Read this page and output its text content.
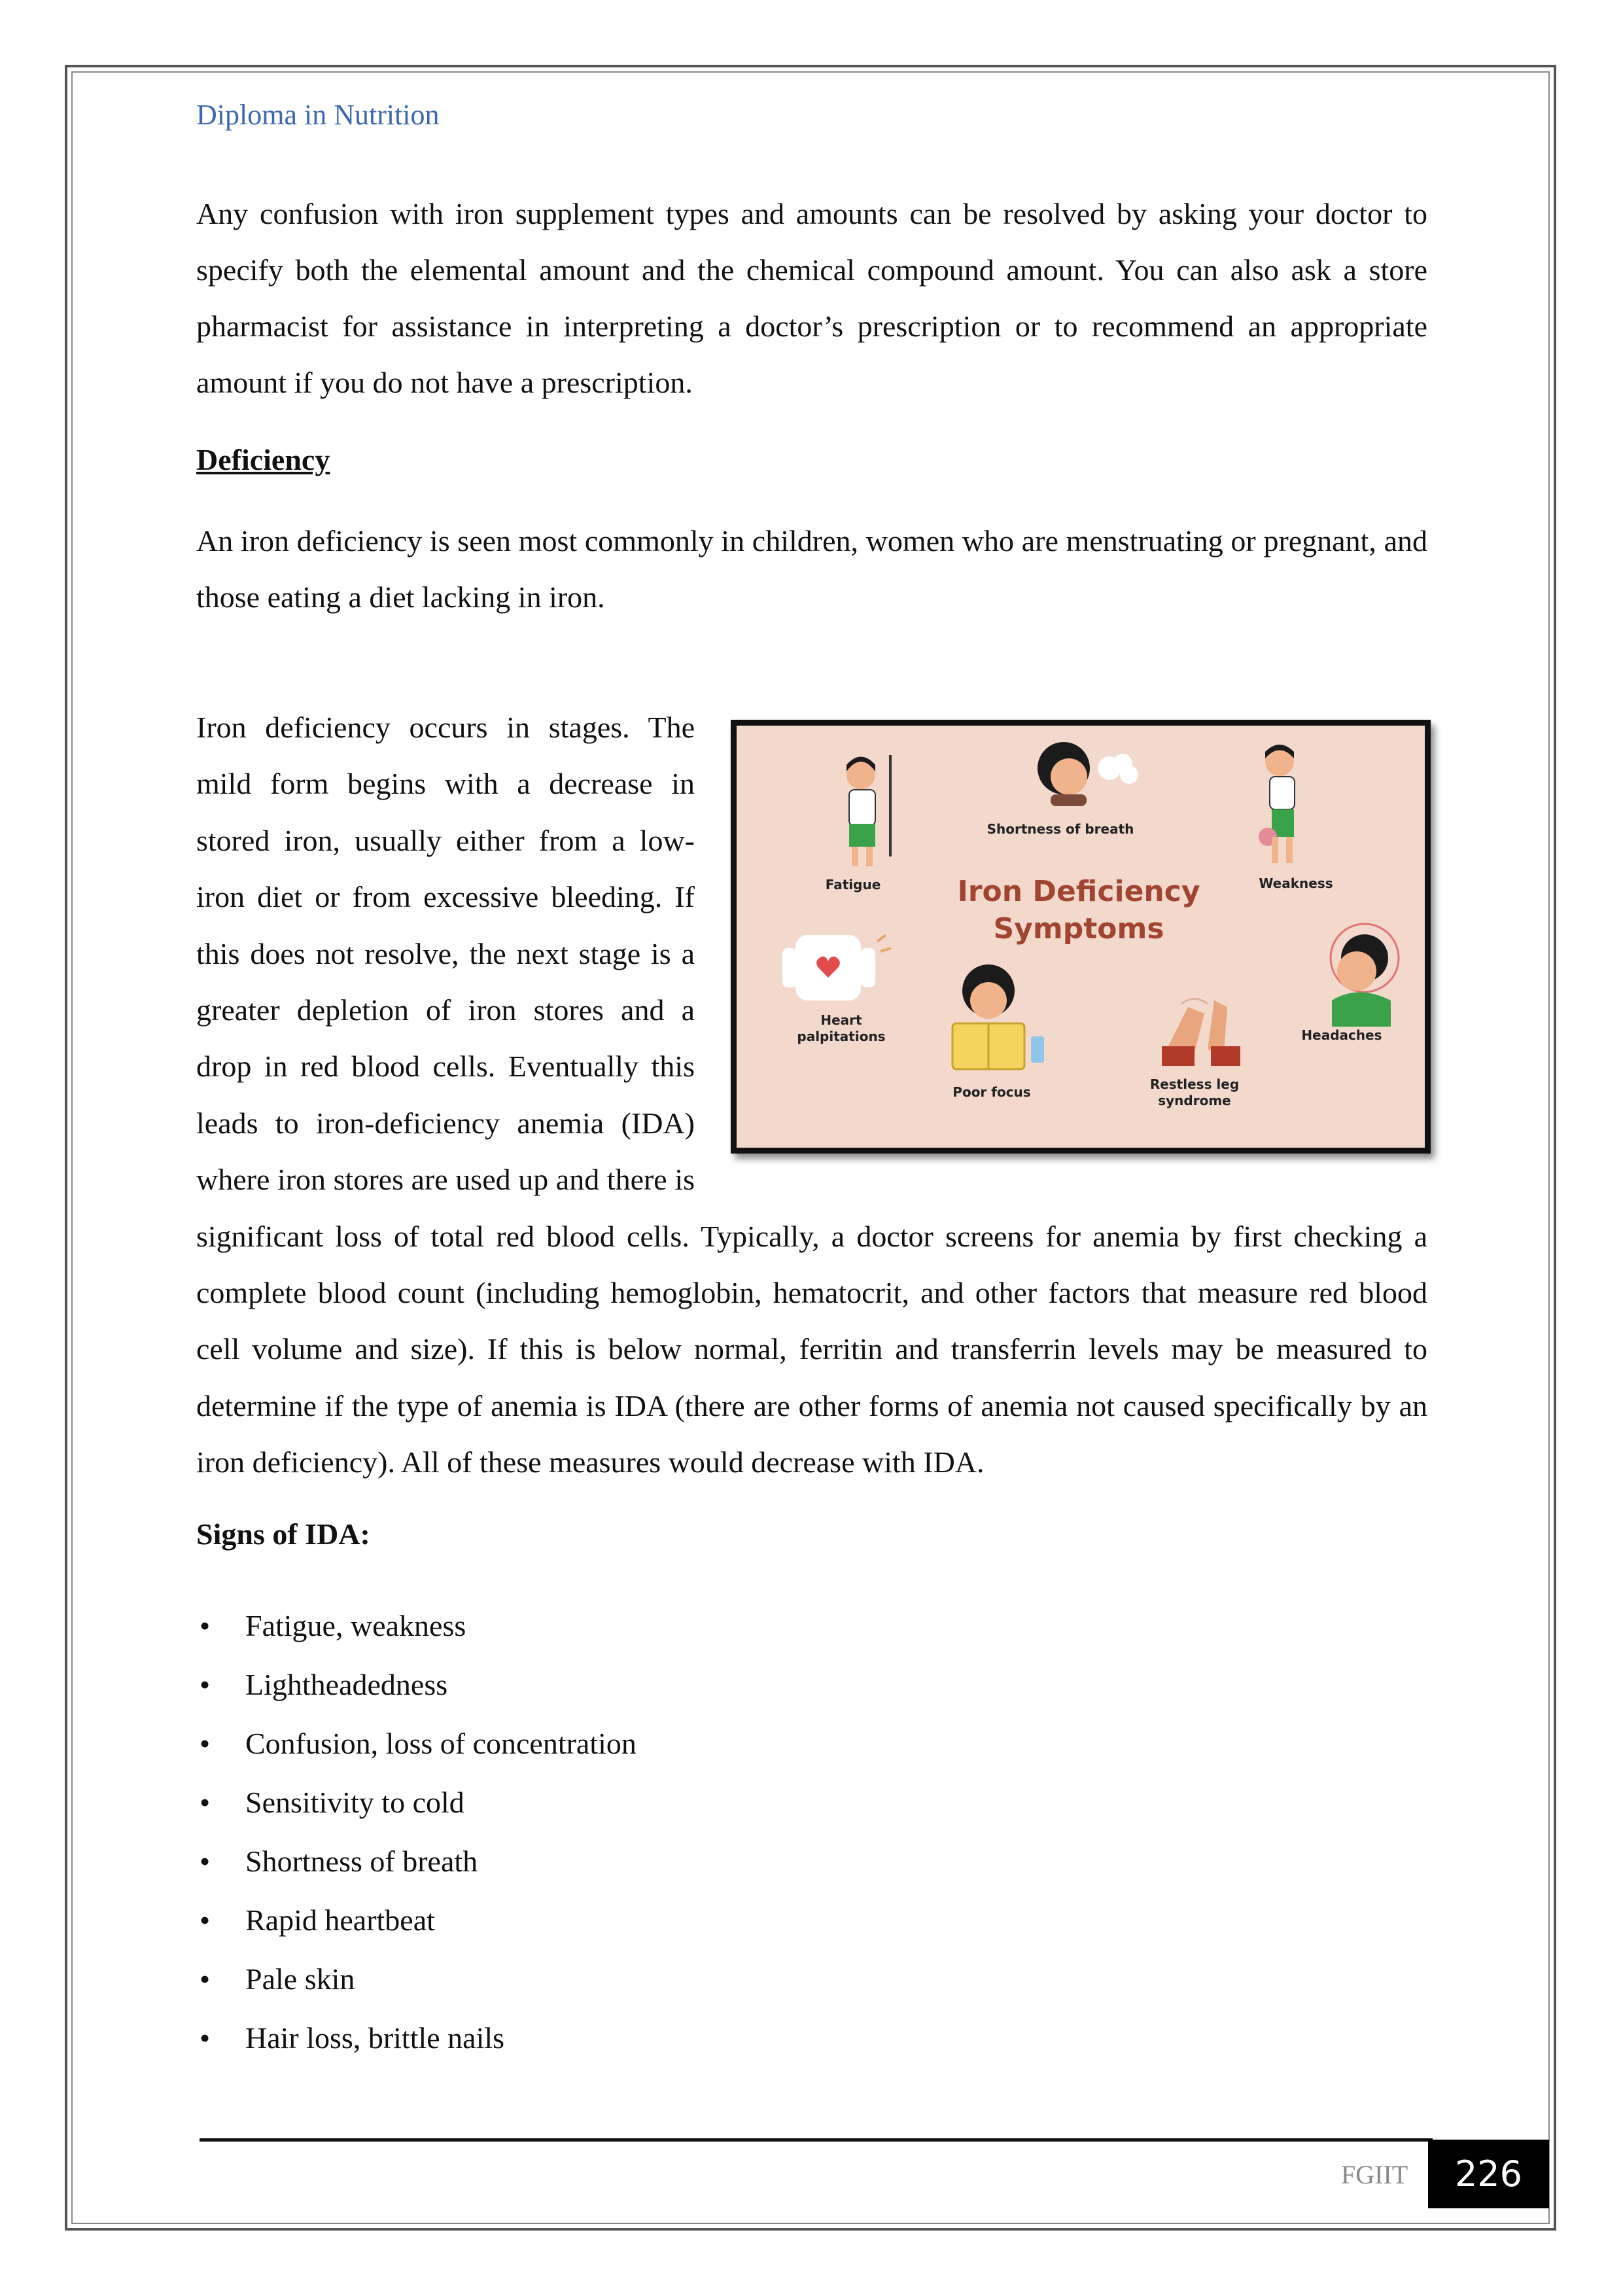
Diploma in Nutrition

Any confusion with iron supplement types and amounts can be resolved by asking your doctor to specify both the elemental amount and the chemical compound amount. You can also ask a store pharmacist for assistance in interpreting a doctor’s prescription or to recommend an appropriate amount if you do not have a prescription.

Deficiency

An iron deficiency is seen most commonly in children, women who are menstruating or pregnant, and those eating a diet lacking in iron.

Iron deficiency occurs in stages. The mild form begins with a decrease in stored iron, usually either from a low-iron diet or from excessive bleeding. If this does not resolve, the next stage is a greater depletion of iron stores and a drop in red blood cells. Eventually this leads to iron-deficiency anemia (IDA) where iron stores are used up and there is significant loss of total red blood cells. Typically, a doctor screens for anemia by first checking a complete blood count (including hemoglobin, hematocrit, and other factors that measure red blood cell volume and size). If this is below normal, ferritin and transferrin levels may be measured to determine if the type of anemia is IDA (there are other forms of anemia not caused specifically by an iron deficiency). All of these measures would decrease with IDA.

Fatigue
Shortness of breath
Weakness
Iron Deficiency
Symptoms
Heart
palpitations	Headaches
Poor focus	Restless leg
syndrome

Signs of IDA:

• Fatigue, weakness
• Lightheadedness
• Confusion, loss of concentration
• Sensitivity to cold
• Shortness of breath
• Rapid heartbeat
• Pale skin
• Hair loss, brittle nails
FGIIT	226
